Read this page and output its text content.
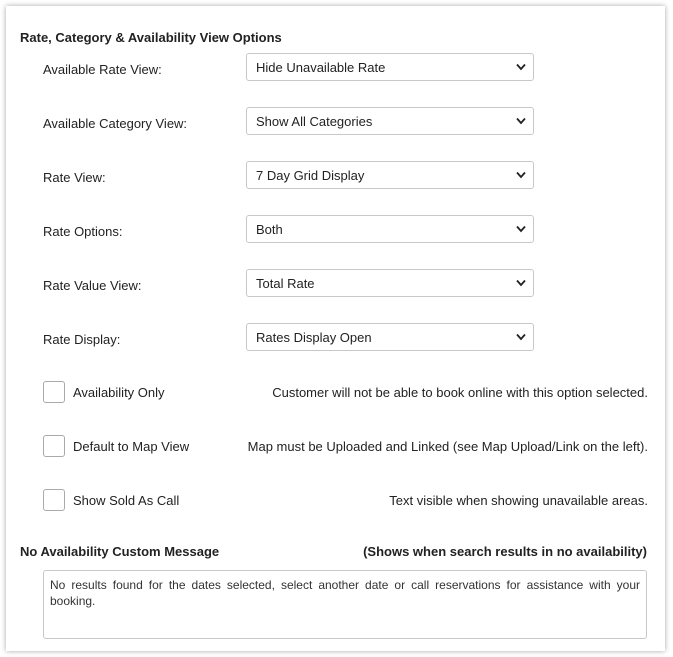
Rate, Category & Availability View Options
Available Rate View:	Hide Unavailable Rate
Available Category View:	Show All Categories
Rate View:	7 Day Grid Display
Rate Options:	Both
Rate Value View:	Total Rate
Rate Display:	Rates Display Open
Availability Only	Customer will not be able to book online with this option selected.
Default to Map View	Map must be Uploaded and Linked (see Map Upload/Link on the left).
Show Sold As Call	Text visible when showing unavailable areas.
No Availability Custom Message	(Shows when search results in no availability)
No results found for the dates selected, select another date or call reservations for assistance with your booking.
